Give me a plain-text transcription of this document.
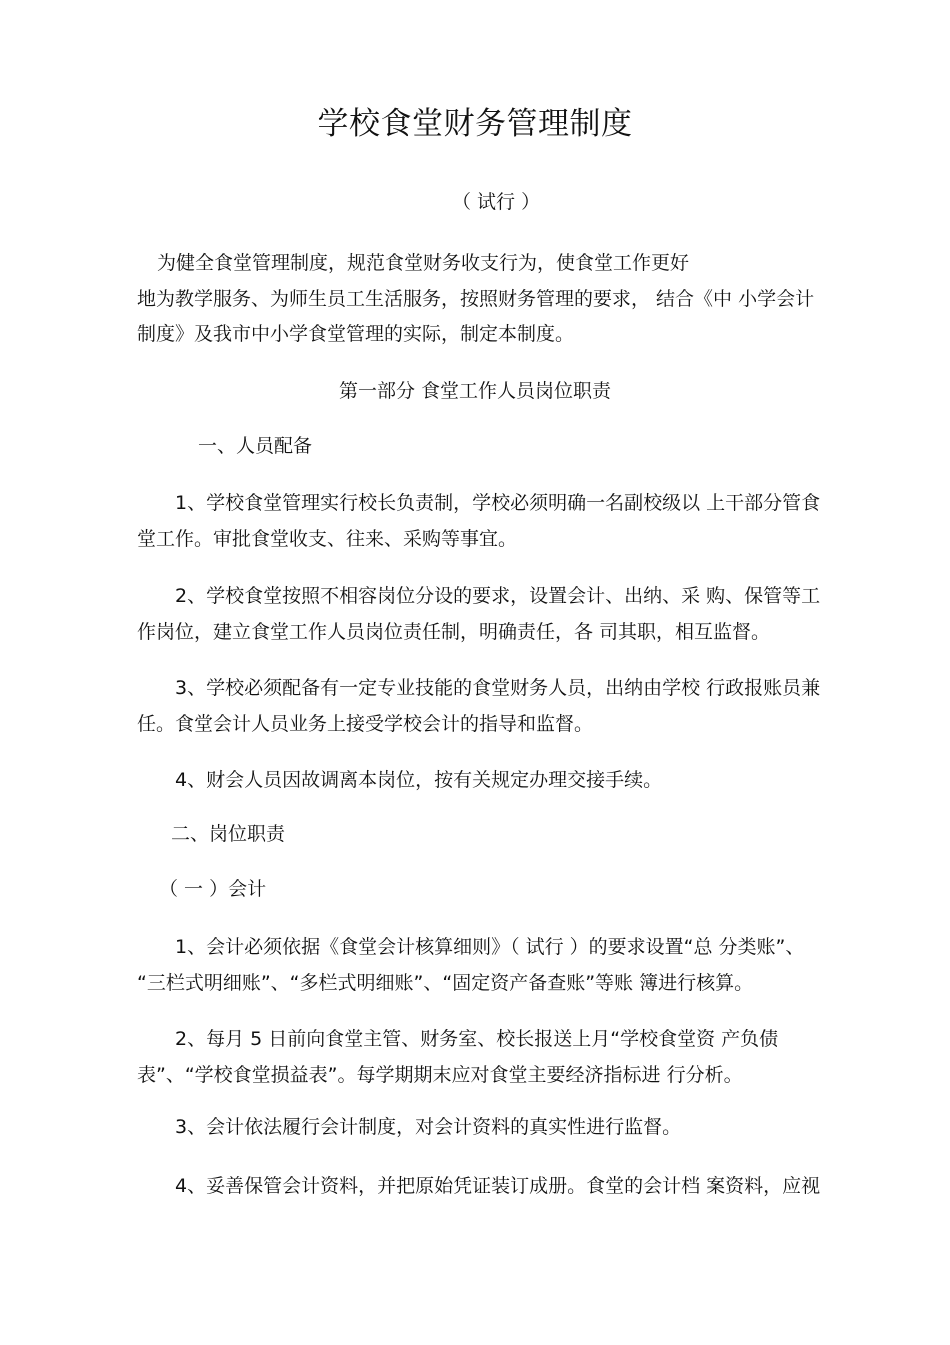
学校食堂财务管理制度
（ 试行 ）
为健全食堂管理制度，规范食堂财务收支行为，使食堂工作更好
地为教学服务、为师生员工生活服务，按照财务管理的要求， 结合《中 小学会计
制度》及我市中小学食堂管理的实际，制定本制度。
第一部分 食堂工作人员岗位职责
一、人员配备
1、学校食堂管理实行校长负责制，学校必须明确一名副校级以 上干部分管食
堂工作。审批食堂收支、往来、采购等事宜。
2、学校食堂按照不相容岗位分设的要求，设置会计、出纳、采 购、保管等工
作岗位，建立食堂工作人员岗位责任制，明确责任，各 司其职，相互监督。
3、学校必须配备有一定专业技能的食堂财务人员，出纳由学校 行政报账员兼
任。食堂会计人员业务上接受学校会计的指导和监督。
4、财会人员因故调离本岗位，按有关规定办理交接手续。
二、岗位职责
（ 一 ）会计
1、会计必须依据《食堂会计核算细则》（ 试行 ）的要求设置“总 分类账”、
“三栏式明细账”、“多栏式明细账”、“固定资产备查账”等账 簿进行核算。
2、每月 5 日前向食堂主管、财务室、校长报送上月“学校食堂资 产负债
表”、“学校食堂损益表”。每学期期末应对食堂主要经济指标进 行分析。
3、会计依法履行会计制度，对会计资料的真实性进行监督。
4、妥善保管会计资料，并把原始凭证装订成册。食堂的会计档 案资料，应视
